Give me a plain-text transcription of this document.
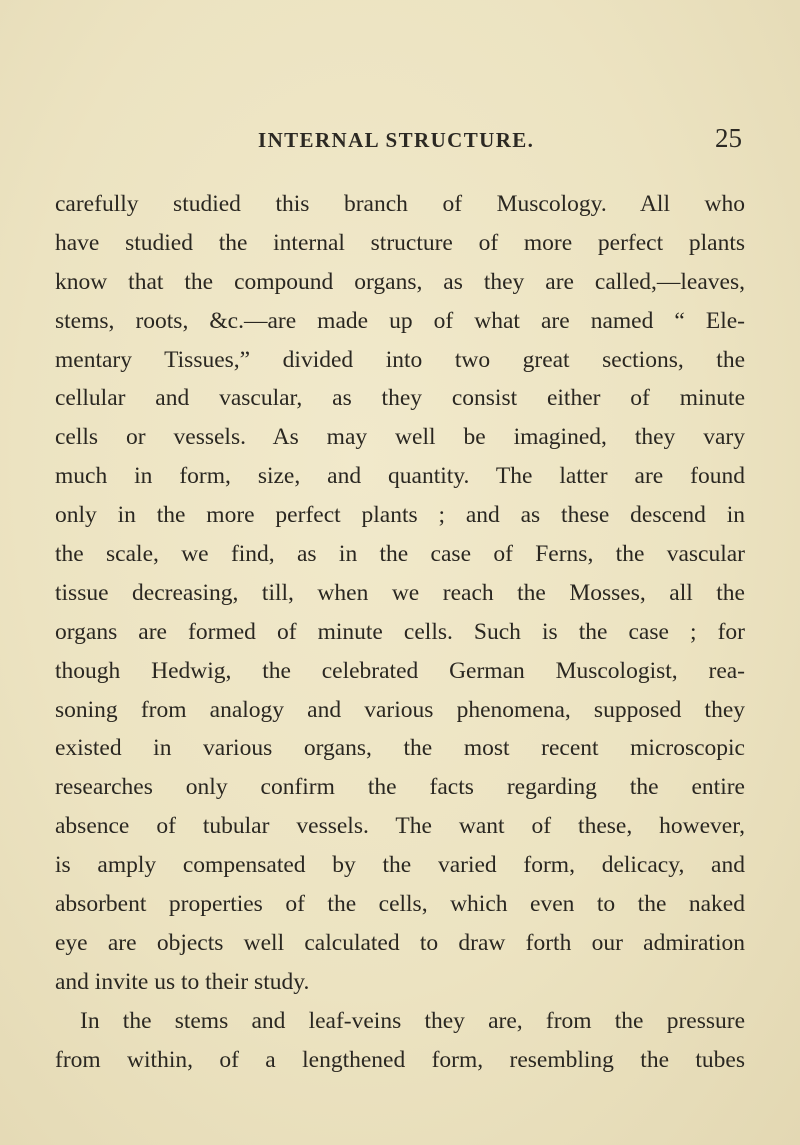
INTERNAL STRUCTURE.	25
carefully studied this branch of Muscology. All who
have studied the internal structure of more perfect plants
know that the compound organs, as they are called,—leaves,
stems, roots, &c.—are made up of what are named “ Ele-
mentary Tissues,” divided into two great sections, the
cellular and vascular, as they consist either of minute
cells or vessels. As may well be imagined, they vary
much in form, size, and quantity. The latter are found
only in the more perfect plants ; and as these descend in
the scale, we find, as in the case of Ferns, the vascular
tissue decreasing, till, when we reach the Mosses, all the
organs are formed of minute cells. Such is the case ; for
though Hedwig, the celebrated German Muscologist, rea-
soning from analogy and various phenomena, supposed they
existed in various organs, the most recent microscopic
researches only confirm the facts regarding the entire
absence of tubular vessels. The want of these, however,
is amply compensated by the varied form, delicacy, and
absorbent properties of the cells, which even to the naked
eye are objects well calculated to draw forth our admiration
and invite us to their study.
In the stems and leaf-veins they are, from the pressure
from within, of a lengthened form, resembling the tubes
